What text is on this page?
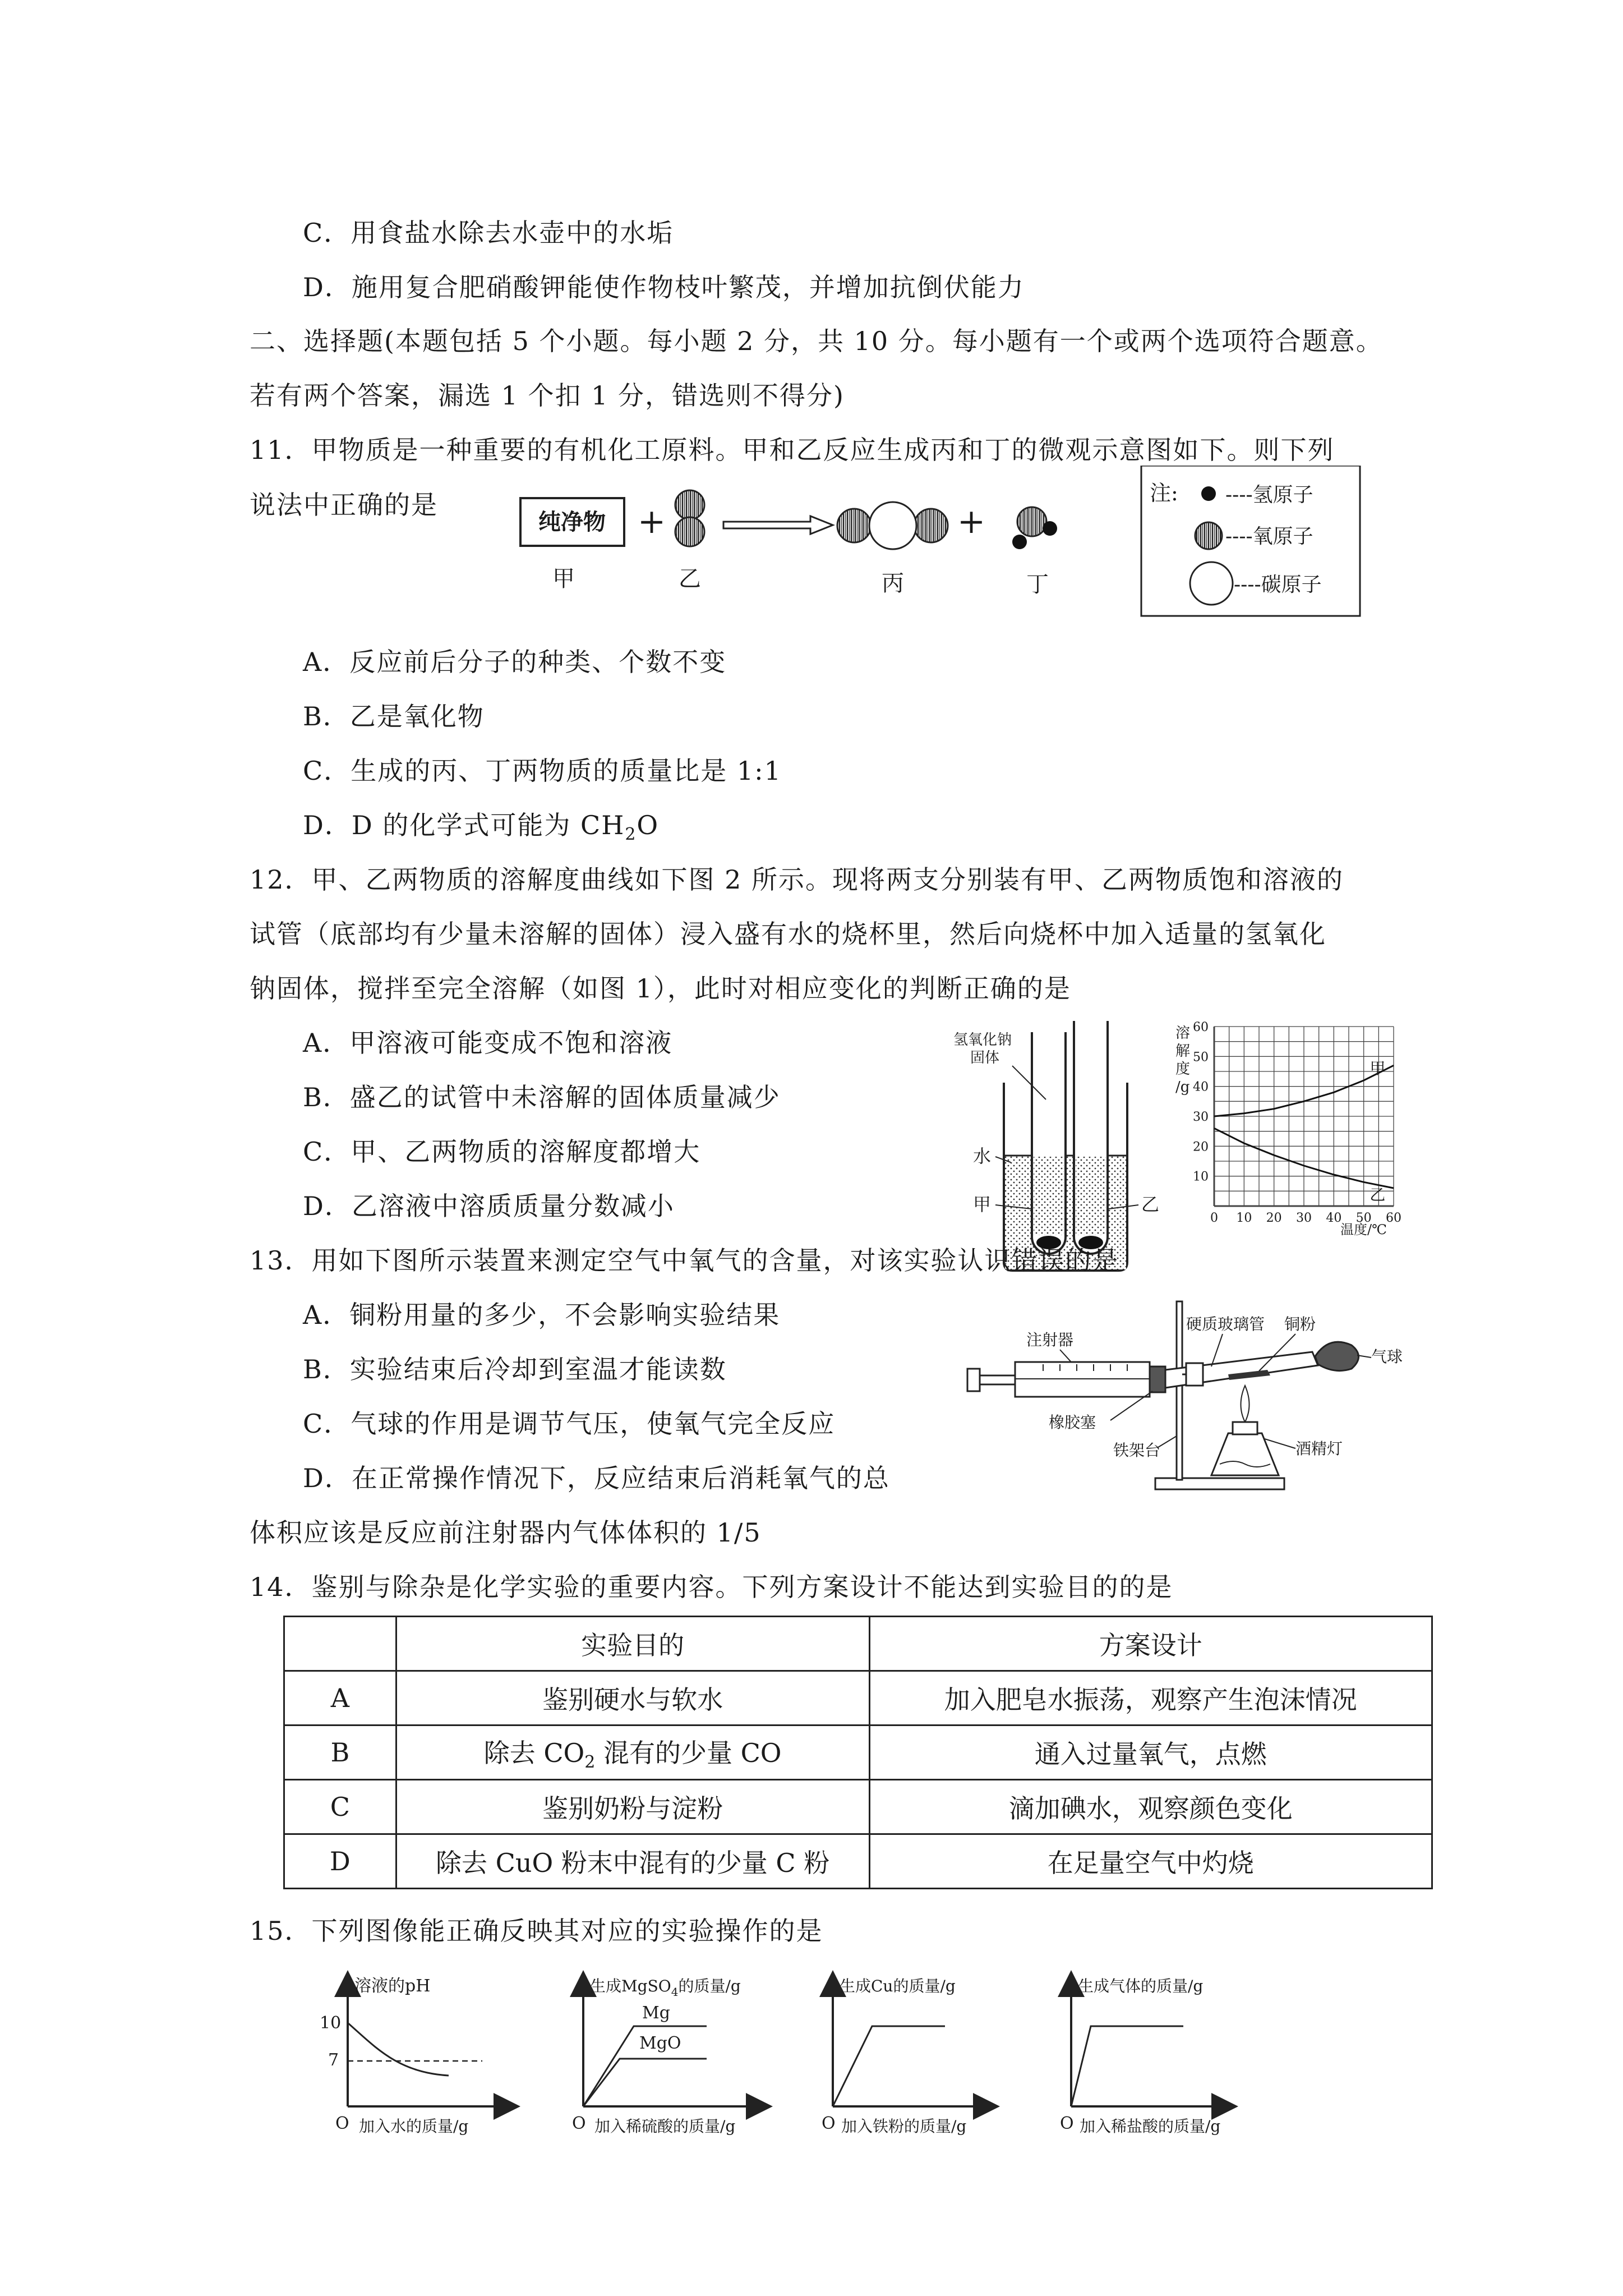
C．用食盐水除去水壶中的水垢
D．施用复合肥硝酸钾能使作物枝叶繁茂，并增加抗倒伏能力
二、选择题(本题包括 5 个小题。每小题 2 分，共 10 分。每小题有一个或两个选项符合题意。
若有两个答案，漏选 1 个扣 1 分，错选则不得分)
11．甲物质是一种重要的有机化工原料。甲和乙反应生成丙和丁的微观示意图如下。则下列
说法中正确的是
纯净物
甲
+
乙	丙
+
丁
注: ----氢原子
----氧原子
----碳原子
A．反应前后分子的种类、个数不变
B．乙是氧化物
C．生成的丙、丁两物质的质量比是 1:1
D．D 的化学式可能为 $CH_2O$
12．甲、乙两物质的溶解度曲线如下图 2 所示。现将两支分别装有甲、乙两物质饱和溶液的
试管（底部均有少量未溶解的固体）浸入盛有水的烧杯里，然后向烧杯中加入适量的氢氧化
钠固体，搅拌至完全溶解（如图 1），此时对相应变化的判断正确的是
A．甲溶液可能变成不饱和溶液
B．盛乙的试管中未溶解的固体质量减少
C．甲、乙两物质的溶解度都增大
D．乙溶液中溶质质量分数减小
氢氧化钠
固体
水
甲	乙
溶
解
度
/g
0 10 20 30 40 50 60
10
20
30
40
50
60
甲
乙
温度/℃
13．用如下图所示装置来测定空气中氧气的含量，对该实验认识错误的是
A．铜粉用量的多少，不会影响实验结果
B．实验结束后冷却到室温才能读数
C．气球的作用是调节气压，使氧气完全反应
D．在正常操作情况下，反应结束后消耗氧气的总
体积应该是反应前注射器内气体体积的 1/5
注射器
硬质玻璃管 铜粉
气球
橡胶塞
铁架台	酒精灯
14．鉴别与除杂是化学实验的重要内容。下列方案设计不能达到实验目的的是
	实验目的	方案设计
A	鉴别硬水与软水	加入肥皂水振荡，观察产生泡沫情况
B	除去 $CO_2$ 混有的少量 CO	通入过量氧气，点燃
C	鉴别奶粉与淀粉	滴加碘水，观察颜色变化
D	除去 CuO 粉末中混有的少量 C 粉	在足量空气中灼烧
15．下列图像能正确反映其对应的实验操作的是
溶液的pH
10
7
O 加入水的质量/g
生成MgSO$_4$的质量/g
Mg
MgO
O 加入稀硫酸的质量/g
生成Cu的质量/g
O 加入铁粉的质量/g
生成气体的质量/g
O 加入稀盐酸的质量/g
